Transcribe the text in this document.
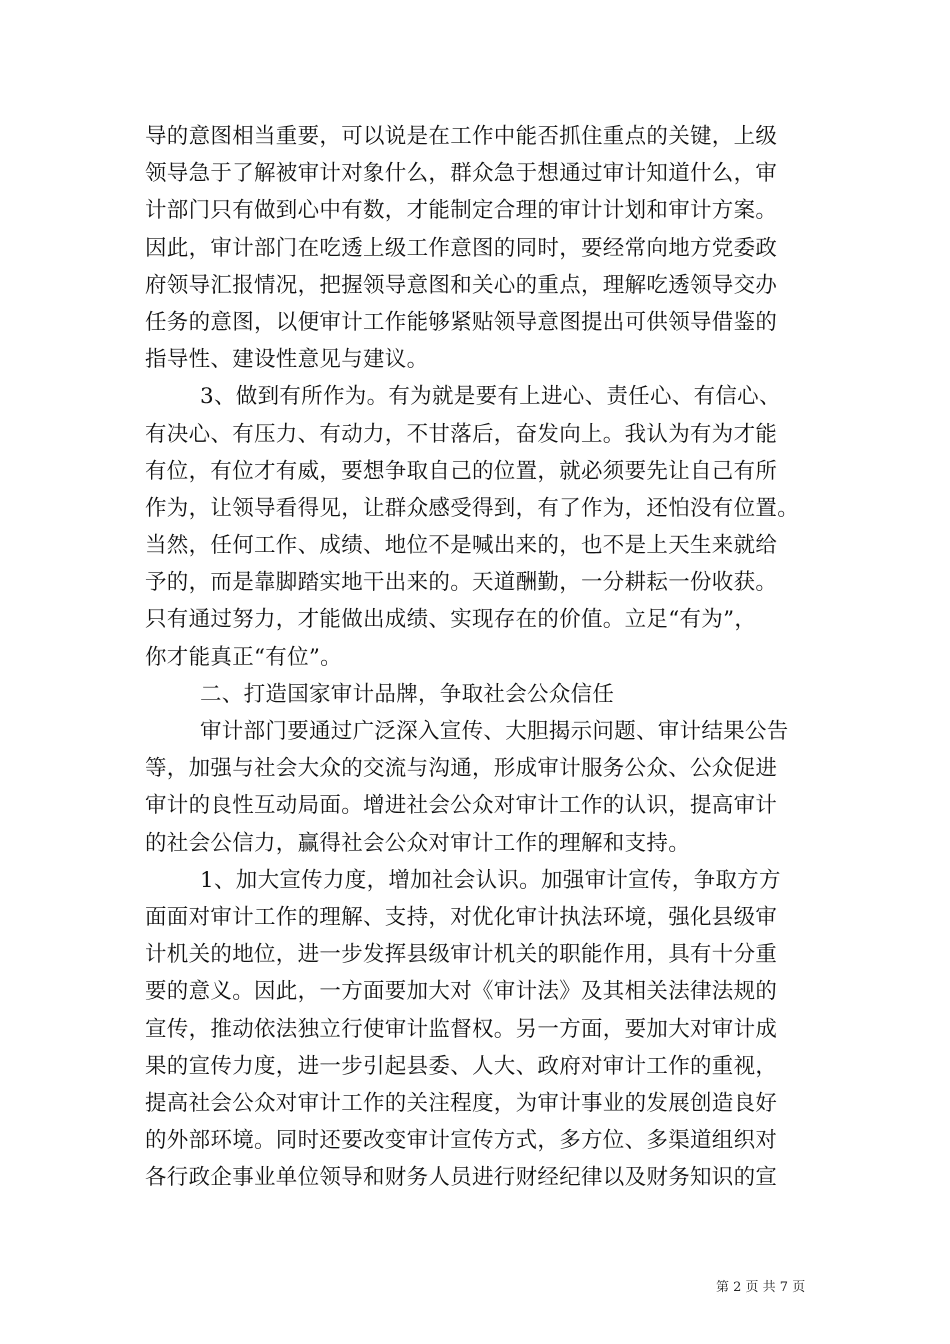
导的意图相当重要，可以说是在工作中能否抓住重点的关键，上级
领导急于了解被审计对象什么，群众急于想通过审计知道什么，审
计部门只有做到心中有数，才能制定合理的审计计划和审计方案。
因此，审计部门在吃透上级工作意图的同时，要经常向地方党委政
府领导汇报情况，把握领导意图和关心的重点，理解吃透领导交办
任务的意图，以便审计工作能够紧贴领导意图提出可供领导借鉴的
指导性、建设性意见与建议。
3、做到有所作为。有为就是要有上进心、责任心、有信心、
有决心、有压力、有动力，不甘落后，奋发向上。我认为有为才能
有位，有位才有威，要想争取自己的位置，就必须要先让自己有所
作为，让领导看得见，让群众感受得到，有了作为，还怕没有位置。
当然，任何工作、成绩、地位不是喊出来的，也不是上天生来就给
予的，而是靠脚踏实地干出来的。天道酬勤，一分耕耘一份收获。
只有通过努力，才能做出成绩、实现存在的价值。立足“有为”，
你才能真正“有位”。
二、打造国家审计品牌，争取社会公众信任
审计部门要通过广泛深入宣传、大胆揭示问题、审计结果公告
等，加强与社会大众的交流与沟通，形成审计服务公众、公众促进
审计的良性互动局面。增进社会公众对审计工作的认识，提高审计
的社会公信力，赢得社会公众对审计工作的理解和支持。
1、加大宣传力度，增加社会认识。加强审计宣传，争取方方
面面对审计工作的理解、支持，对优化审计执法环境，强化县级审
计机关的地位，进一步发挥县级审计机关的职能作用，具有十分重
要的意义。因此，一方面要加大对《审计法》及其相关法律法规的
宣传，推动依法独立行使审计监督权。另一方面，要加大对审计成
果的宣传力度，进一步引起县委、人大、政府对审计工作的重视，
提高社会公众对审计工作的关注程度，为审计事业的发展创造良好
的外部环境。同时还要改变审计宣传方式，多方位、多渠道组织对
各行政企事业单位领导和财务人员进行财经纪律以及财务知识的宣
第 2 页 共 7 页
